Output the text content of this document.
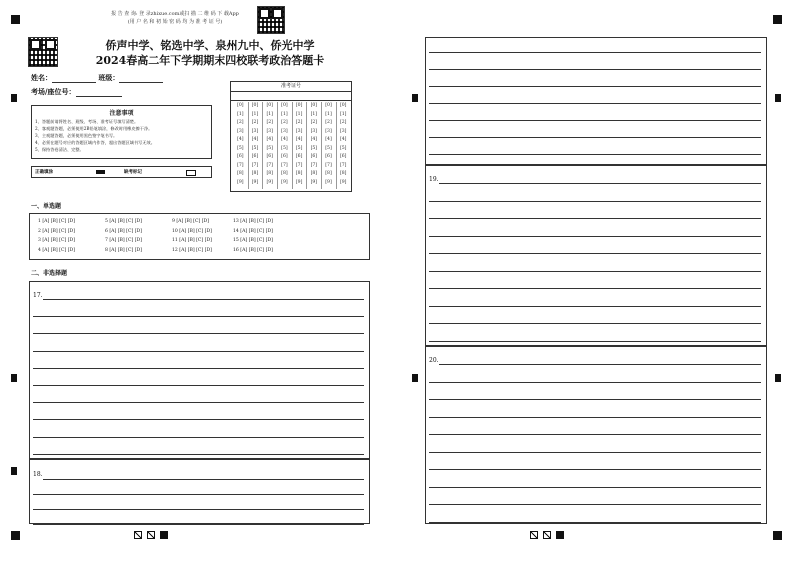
报 告 查 询: 登 录zhixue.com或扫 描 二 维 码 下 载App
(用 户 名 和 初 始 密 码 均 为 准 考 证 号)
侨声中学、铭选中学、泉州九中、侨光中学
2024春高二年下学期期末四校联考政治答题卡
姓名：	班级：
考场/座位号：
注意事项
1、答题前请将姓名、班级、考场、准考证号填写清楚。
2、客观题答题，必须使用2B铅笔填涂，修改时用橡皮擦干净。
3、主观题答题，必须使用黑色签字笔书写。
4、必须在题号对应的答题区域内作答，超出答题区域书写无效。
5、保持答卷清洁、完整。
正确填涂	缺考标记
准考证号
[0]
[1]
[2]
[3]
[4]
[5]
[6]
[7]
[8]
[9]
[0]
[1]
[2]
[3]
[4]
[5]
[6]
[7]
[8]
[9]
[0]
[1]
[2]
[3]
[4]
[5]
[6]
[7]
[8]
[9]
[0]
[1]
[2]
[3]
[4]
[5]
[6]
[7]
[8]
[9]
[0]
[1]
[2]
[3]
[4]
[5]
[6]
[7]
[8]
[9]
[0]
[1]
[2]
[3]
[4]
[5]
[6]
[7]
[8]
[9]
[0]
[1]
[2]
[3]
[4]
[5]
[6]
[7]
[8]
[9]
[0]
[1]
[2]
[3]
[4]
[5]
[6]
[7]
[8]
[9]
一、单选题
1 [A] [B] [C] [D]
2 [A] [B] [C] [D]
3 [A] [B] [C] [D]
4 [A] [B] [C] [D]
5 [A] [B] [C] [D]
6 [A] [B] [C] [D]
7 [A] [B] [C] [D]
8 [A] [B] [C] [D]
9 [A] [B] [C] [D]
10 [A] [B] [C] [D]
11 [A] [B] [C] [D]
12 [A] [B] [C] [D]
13 [A] [B] [C] [D]
14 [A] [B] [C] [D]
15 [A] [B] [C] [D]
16 [A] [B] [C] [D]
二、非选择题
17.
18.
19.
20.
